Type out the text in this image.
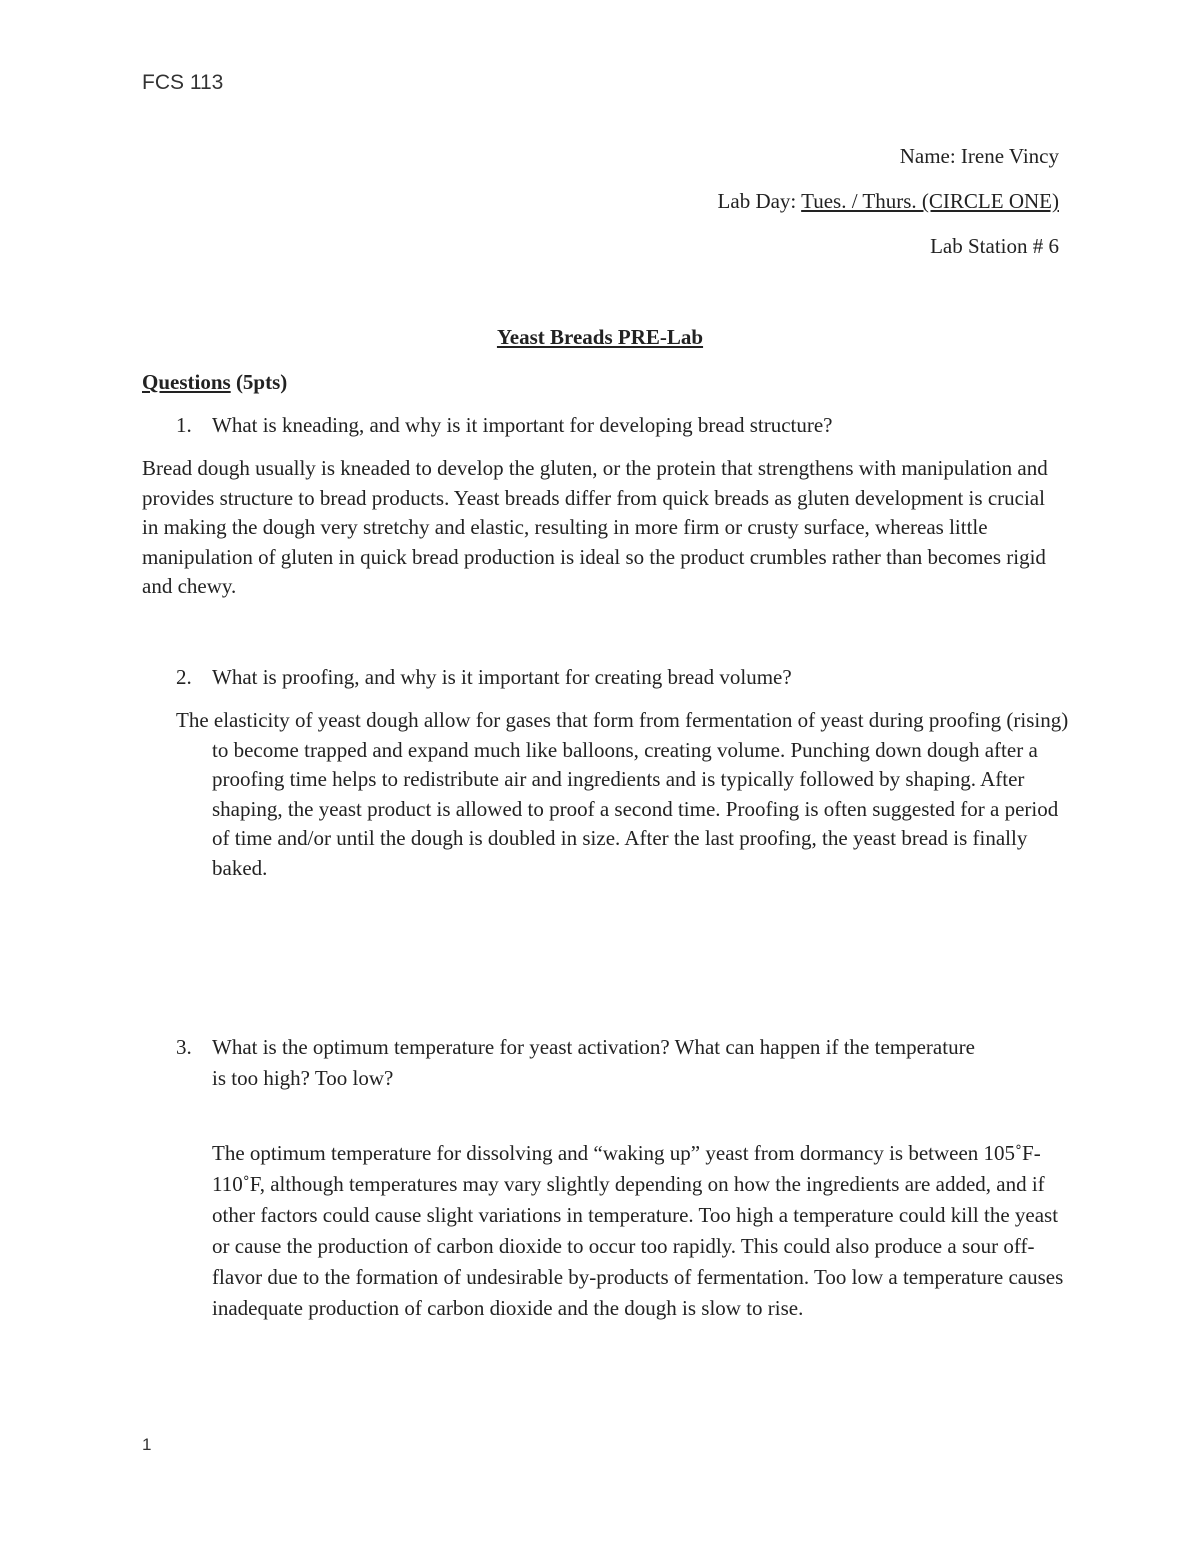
FCS 113
Name: Irene Vincy
Lab Day: Tues. / Thurs. (CIRCLE ONE)
Lab Station # 6
Yeast Breads PRE-Lab
Questions (5pts)
1. What is kneading, and why is it important for developing bread structure?
Bread dough usually is kneaded to develop the gluten, or the protein that strengthens with manipulation and provides structure to bread products. Yeast breads differ from quick breads as gluten development is crucial in making the dough very stretchy and elastic, resulting in more firm or crusty surface, whereas little manipulation of gluten in quick bread production is ideal so the product crumbles rather than becomes rigid and chewy.
2. What is proofing, and why is it important for creating bread volume?
The elasticity of yeast dough allow for gases that form from fermentation of yeast during proofing (rising) to become trapped and expand much like balloons, creating volume. Punching down dough after a proofing time helps to redistribute air and ingredients and is typically followed by shaping. After shaping, the yeast product is allowed to proof a second time. Proofing is often suggested for a period of time and/or until the dough is doubled in size. After the last proofing, the yeast bread is finally baked.
3. What is the optimum temperature for yeast activation? What can happen if the temperature is too high? Too low?
The optimum temperature for dissolving and “waking up” yeast from dormancy is between 105˚F- 110˚F, although temperatures may vary slightly depending on how the ingredients are added, and if other factors could cause slight variations in temperature. Too high a temperature could kill the yeast or cause the production of carbon dioxide to occur too rapidly. This could also produce a sour off-flavor due to the formation of undesirable by-products of fermentation. Too low a temperature causes inadequate production of carbon dioxide and the dough is slow to rise.
1
